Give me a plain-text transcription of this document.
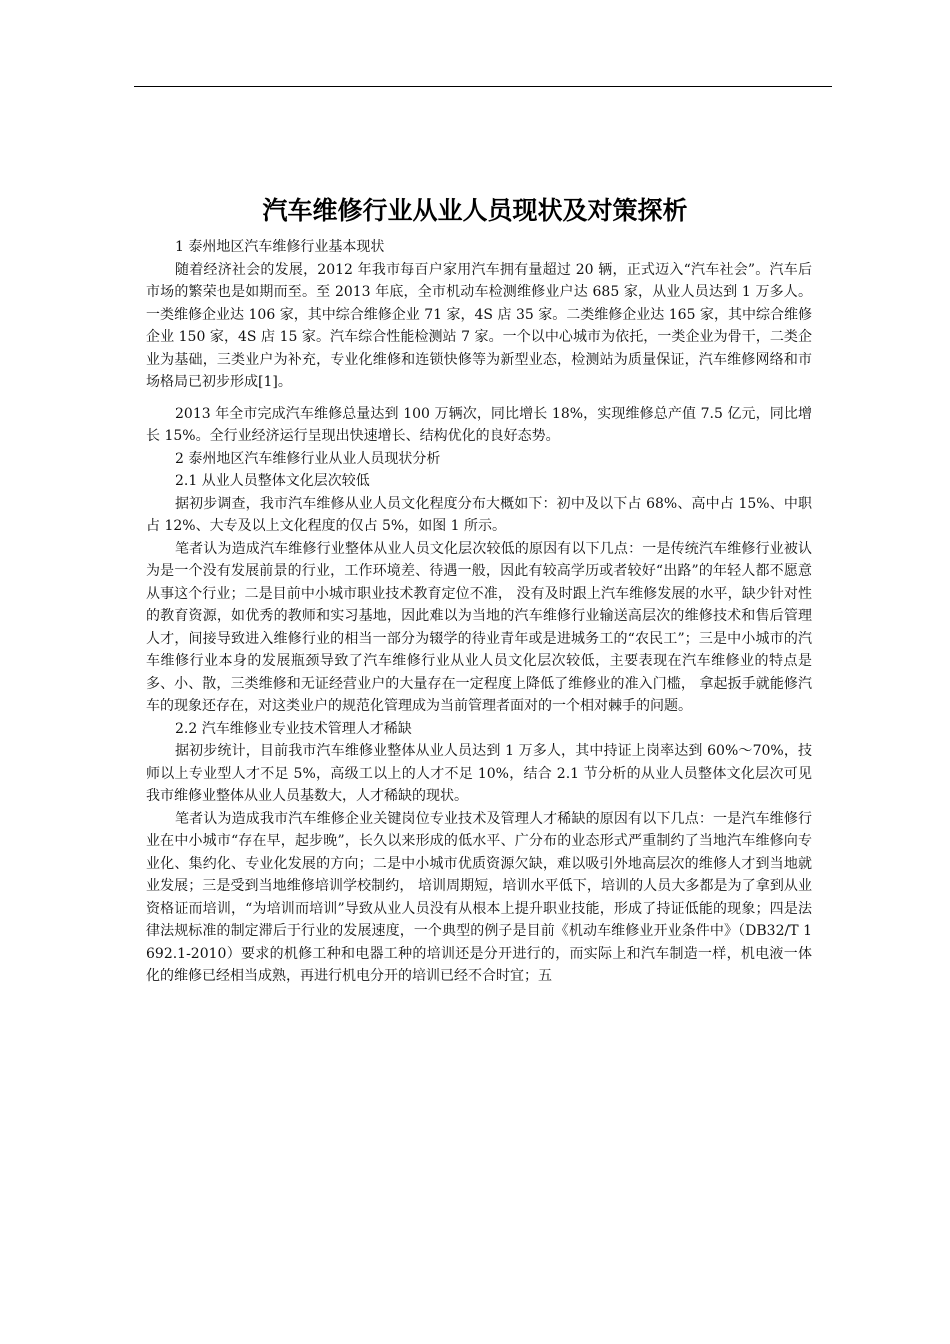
汽车维修行业从业人员现状及对策探析

1 泰州地区汽车维修行业基本现状

随着经济社会的发展，2012 年我市每百户家用汽车拥有量超过 20 辆，正式迈入“汽车社会”。汽车后市场的繁荣也是如期而至。至 2013 年底，全市机动车检测维修业户达 685 家，从业人员达到 1 万多人。一类维修企业达 106 家，其中综合维修企业 71 家，4S 店 35 家。二类维修企业达 165 家，其中综合维修企业 150 家，4S 店 15 家。汽车综合性能检测站 7 家。一个以中心城市为依托，一类企业为骨干，二类企业为基础，三类业户为补充，专业化维修和连锁快修等为新型业态，检测站为质量保证，汽车维修网络和市场格局已初步形成[1]。

2013 年全市完成汽车维修总量达到 100 万辆次，同比增长 18%，实现维修总产值 7.5 亿元，同比增长 15%。全行业经济运行呈现出快速增长、结构优化的良好态势。

2 泰州地区汽车维修行业从业人员现状分析

2.1 从业人员整体文化层次较低

据初步调查，我市汽车维修从业人员文化程度分布大概如下：初中及以下占 68%、高中占 15%、中职占 12%、大专及以上文化程度的仅占 5%，如图 1 所示。

笔者认为造成汽车维修行业整体从业人员文化层次较低的原因有以下几点：一是传统汽车维修行业被认为是一个没有发展前景的行业，工作环境差、待遇一般，因此有较高学历或者较好“出路”的年轻人都不愿意从事这个行业；二是目前中小城市职业技术教育定位不准， 没有及时跟上汽车维修发展的水平，缺少针对性的教育资源，如优秀的教师和实习基地，因此难以为当地的汽车维修行业输送高层次的维修技术和售后管理人才，间接导致进入维修行业的相当一部分为辍学的待业青年或是进城务工的“农民工”；三是中小城市的汽车维修行业本身的发展瓶颈导致了汽车维修行业从业人员文化层次较低，主要表现在汽车维修业的特点是多、小、散，三类维修和无证经营业户的大量存在一定程度上降低了维修业的准入门槛， 拿起扳手就能修汽车的现象还存在，对这类业户的规范化管理成为当前管理者面对的一个相对棘手的问题。

2.2 汽车维修业专业技术管理人才稀缺

据初步统计，目前我市汽车维修业整体从业人员达到 1 万多人，其中持证上岗率达到 60%～70%，技师以上专业型人才不足 5%，高级工以上的人才不足 10%，结合 2.1 节分析的从业人员整体文化层次可见我市维修业整体从业人员基数大，人才稀缺的现状。

笔者认为造成我市汽车维修企业关键岗位专业技术及管理人才稀缺的原因有以下几点：一是汽车维修行业在中小城市“存在早，起步晚”，长久以来形成的低水平、广分布的业态形式严重制约了当地汽车维修向专业化、集约化、专业化发展的方向；二是中小城市优质资源欠缺，难以吸引外地高层次的维修人才到当地就业发展；三是受到当地维修培训学校制约， 培训周期短，培训水平低下，培训的人员大多都是为了拿到从业资格证而培训，“为培训而培训”导致从业人员没有从根本上提升职业技能，形成了持证低能的现象；四是法律法规标准的制定滞后于行业的发展速度，一个典型的例子是目前《机动车维修业开业条件中》（DB32/T 1692.1-2010）要求的机修工种和电器工种的培训还是分开进行的，而实际上和汽车制造一样，机电液一体化的维修已经相当成熟，再进行机电分开的培训已经不合时宜；五
